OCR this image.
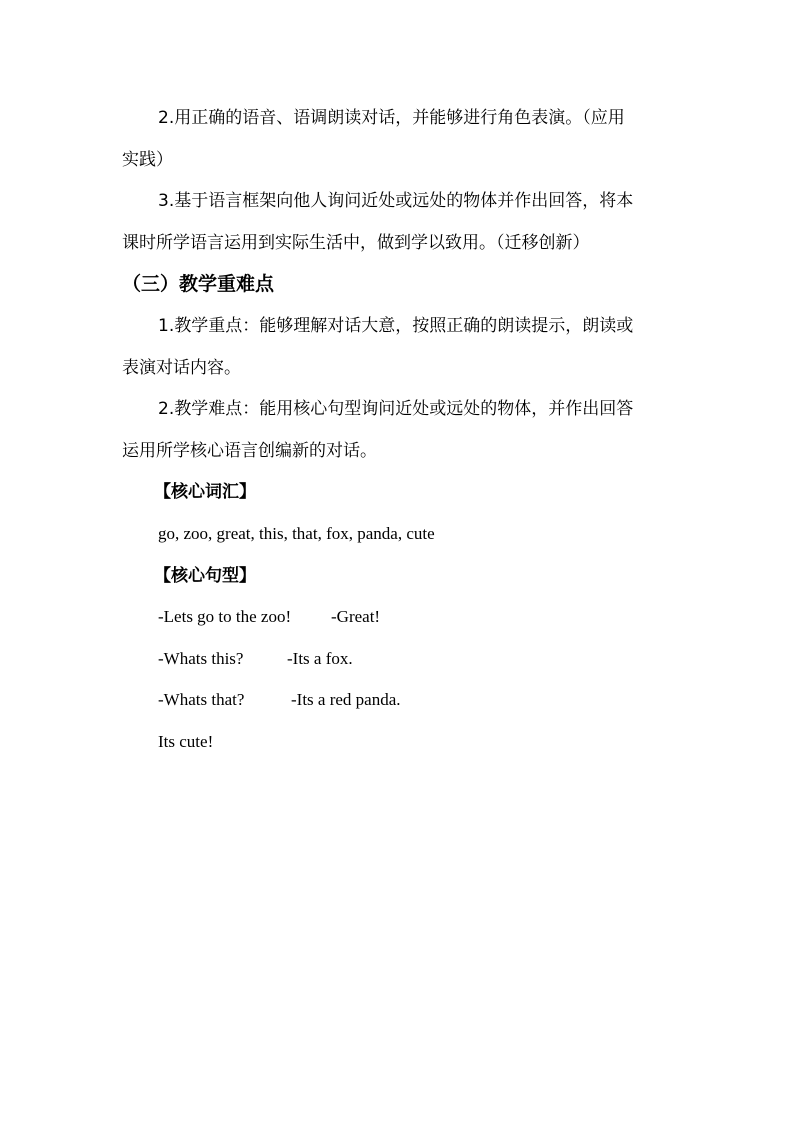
2.用正确的语音、语调朗读对话，并能够进行角色表演。（应用
实践）
3.基于语言框架向他人询问近处或远处的物体并作出回答，将本
课时所学语言运用到实际生活中，做到学以致用。（迁移创新）
（三）教学重难点
1.教学重点：能够理解对话大意，按照正确的朗读提示，朗读或
表演对话内容。
2.教学难点：能用核心句型询问近处或远处的物体，并作出回答
运用所学核心语言创编新的对话。
【核心词汇】
go, zoo, great, this, that, fox, panda, cute
【核心句型】
-Lets go to the zoo! -Great!
-Whats this?	-Its a fox.
-Whats that?	-Its a red panda.
Its cute!
